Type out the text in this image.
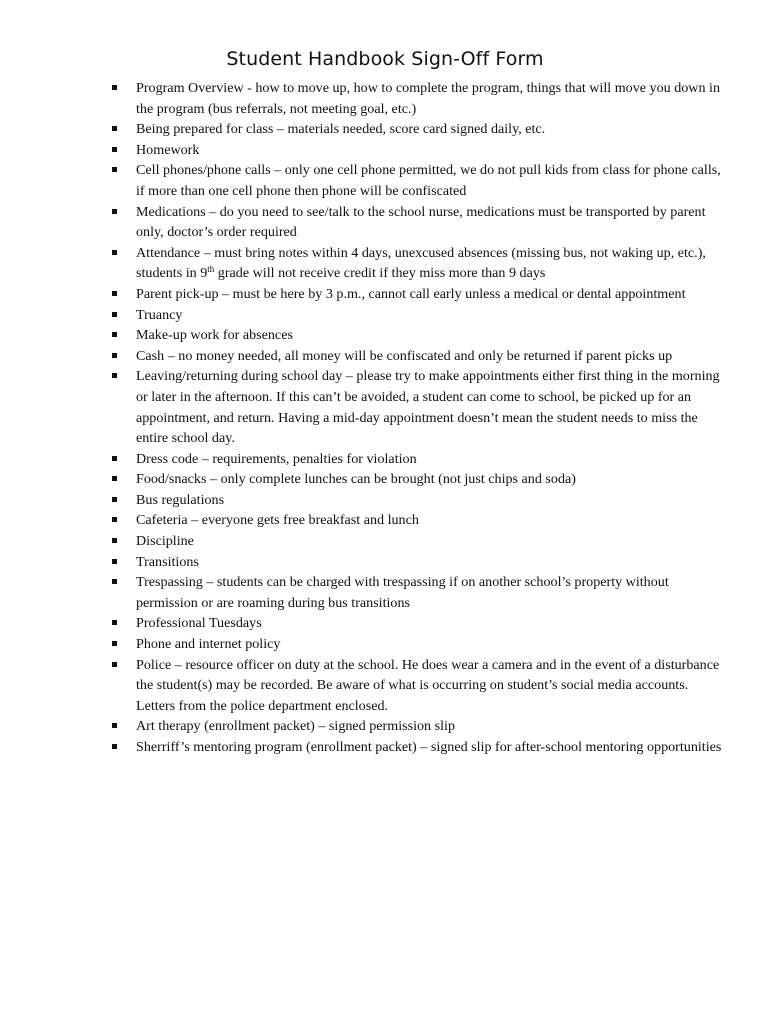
Student Handbook Sign-Off Form
Program Overview - how to move up, how to complete the program, things that will move you down in the program (bus referrals, not meeting goal, etc.)
Being prepared for class – materials needed, score card signed daily, etc.
Homework
Cell phones/phone calls – only one cell phone permitted, we do not pull kids from class for phone calls, if more than one cell phone then phone will be confiscated
Medications – do you need to see/talk to the school nurse, medications must be transported by parent only, doctor’s order required
Attendance – must bring notes within 4 days, unexcused absences (missing bus, not waking up, etc.), students in 9th grade will not receive credit if they miss more than 9 days
Parent pick-up – must be here by 3 p.m., cannot call early unless a medical or dental appointment
Truancy
Make-up work for absences
Cash – no money needed, all money will be confiscated and only be returned if parent picks up
Leaving/returning during school day – please try to make appointments either first thing in the morning or later in the afternoon. If this can’t be avoided, a student can come to school, be picked up for an appointment, and return. Having a mid-day appointment doesn’t mean the student needs to miss the entire school day.
Dress code – requirements, penalties for violation
Food/snacks – only complete lunches can be brought (not just chips and soda)
Bus regulations
Cafeteria – everyone gets free breakfast and lunch
Discipline
Transitions
Trespassing – students can be charged with trespassing if on another school’s property without permission or are roaming during bus transitions
Professional Tuesdays
Phone and internet policy
Police – resource officer on duty at the school. He does wear a camera and in the event of a disturbance the student(s) may be recorded. Be aware of what is occurring on student’s social media accounts. Letters from the police department enclosed.
Art therapy (enrollment packet) – signed permission slip
Sherriff’s mentoring program (enrollment packet) – signed slip for after-school mentoring opportunities
